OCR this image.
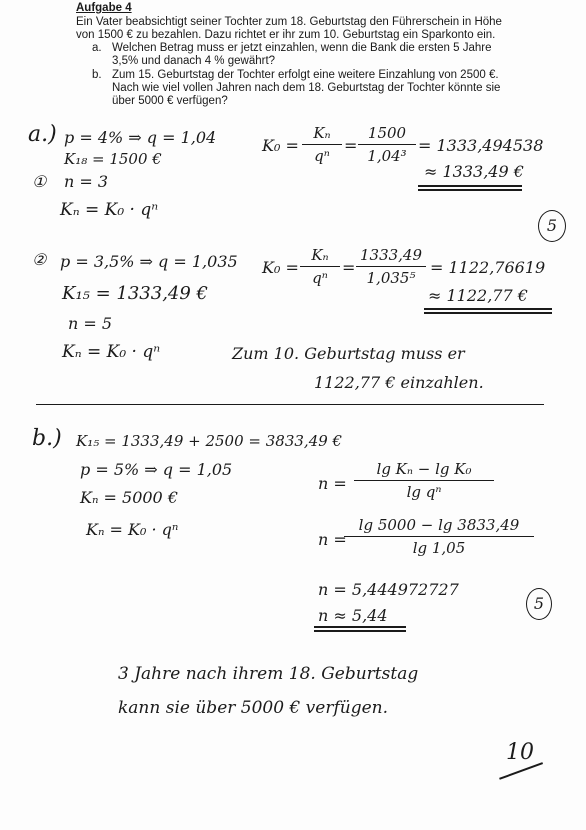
Aufgabe 4
Ein Vater beabsichtigt seiner Tochter zum 18. Geburtstag den Führerschein in Höhe
von 1500 € zu bezahlen. Dazu richtet er ihr zum 10. Geburtstag ein Sparkonto ein.
a. Welchen Betrag muss er jetzt einzahlen, wenn die Bank die ersten 5 Jahre
3,5% und danach 4 % gewährt?
b. Zum 15. Geburtstag der Tochter erfolgt eine weitere Einzahlung von 2500 €.
Nach wie viel vollen Jahren nach dem 18. Geburtstag der Tochter könnte sie
über 5000 € verfügen?
a.) p = 4% ⇒ q = 1,04
K₁₈ = 1500 €
① n = 3
Kₙ = K₀ · qⁿ
K₀ =
Kₙ
qⁿ
=
1500
1,04³
= 1333,494538
≈ 1333,49 €
5
② p = 3,5% ⇒ q = 1,035
K₁₅ = 1333,49 €
n = 5
Kₙ = K₀ · qⁿ
K₀ =
Kₙ
qⁿ
=
1333,49
1,035⁵
= 1122,76619
≈ 1122,77 €
Zum 10. Geburtstag muss er
1122,77 € einzahlen.
b.) K₁₅ = 1333,49 + 2500 = 3833,49 €
p = 5% ⇒ q = 1,05
Kₙ = 5000 €
Kₙ = K₀ · qⁿ
n =
lg Kₙ − lg K₀
lg qⁿ
n =
lg 5000 − lg 3833,49
lg 1,05
n = 5,444972727
n ≈ 5,44
5
3 Jahre nach ihrem 18. Geburtstag
kann sie über 5000 € verfügen.
10
